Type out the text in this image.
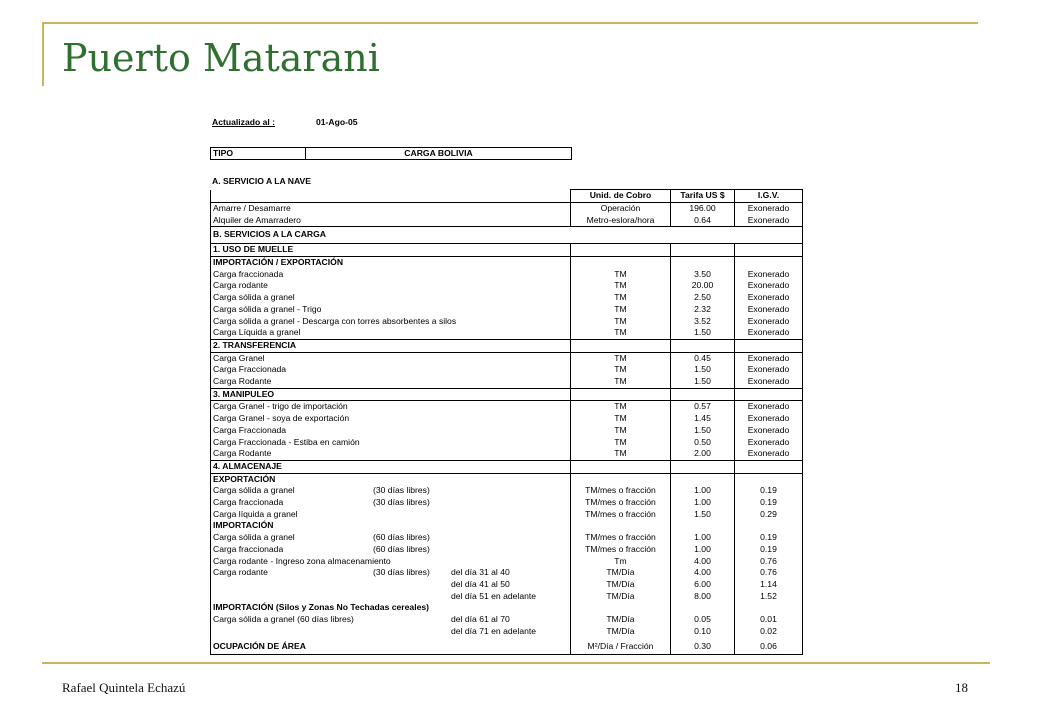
Puerto Matarani
Actualizado al :	01-Ago-05
TIPO	CARGA BOLIVIA
A. SERVICIO A LA NAVE
	Unid. de Cobro	Tarifa US $	I.G.V.
Amarre / Desamarre	Operación	196.00	Exonerado
Alquiler de Amarradero	Metro-eslora/hora	0.64	Exonerado
B. SERVICIOS A LA CARGA			
1. USO DE MUELLE			
IMPORTACIÓN / EXPORTACIÓN			
Carga fraccionada	TM	3.50	Exonerado
Carga rodante	TM	20.00	Exonerado
Carga sólida a granel	TM	2.50	Exonerado
Carga sólida a granel - Trigo	TM	2.32	Exonerado
Carga sólida a granel - Descarga con torres absorbentes a silos	TM	3.52	Exonerado
Carga Líquida a granel	TM	1.50	Exonerado
2. TRANSFERENCIA			
Carga Granel	TM	0.45	Exonerado
Carga Fraccionada	TM	1.50	Exonerado
Carga Rodante	TM	1.50	Exonerado
3. MANIPULEO			
Carga Granel - trigo de importación	TM	0.57	Exonerado
Carga Granel - soya de exportación	TM	1.45	Exonerado
Carga Fraccionada	TM	1.50	Exonerado
Carga Fraccionada - Estiba en camión	TM	0.50	Exonerado
Carga Rodante	TM	2.00	Exonerado
4. ALMACENAJE			
EXPORTACIÓN			

Carga sólida a granel (30 días libres)	TM/mes o fracción	1.00	0.19

Carga fraccionada (30 días libres)	TM/mes o fracción	1.00	0.19

Carga líquida a granel	TM/mes o fracción	1.50	0.29
IMPORTACIÓN			

Carga sólida a granel (60 días libres)	TM/mes o fracción	1.00	0.19

Carga fraccionada (60 días libres)	TM/mes o fracción	1.00	0.19

Carga rodante - Ingreso zona almacenamiento	Tm	4.00	0.76

Carga rodante (30 días libres) del día 31 al 40	TM/Día	4.00	0.76

del día 41 al 50	TM/Día	6.00	1.14

del día 51 en adelante	TM/Día	8.00	1.52
IMPORTACIÓN (Silos y Zonas No Techadas cereales)			

Carga sólida a granel (60 días libres) del día 61 al 70	TM/Día	0.05	0.01

del día 71 en adelante	TM/Día	0.10	0.02
OCUPACIÓN DE ÁREA	M²/Día / Fracción	0.30	0.06
Rafael Quintela Echazú	18
